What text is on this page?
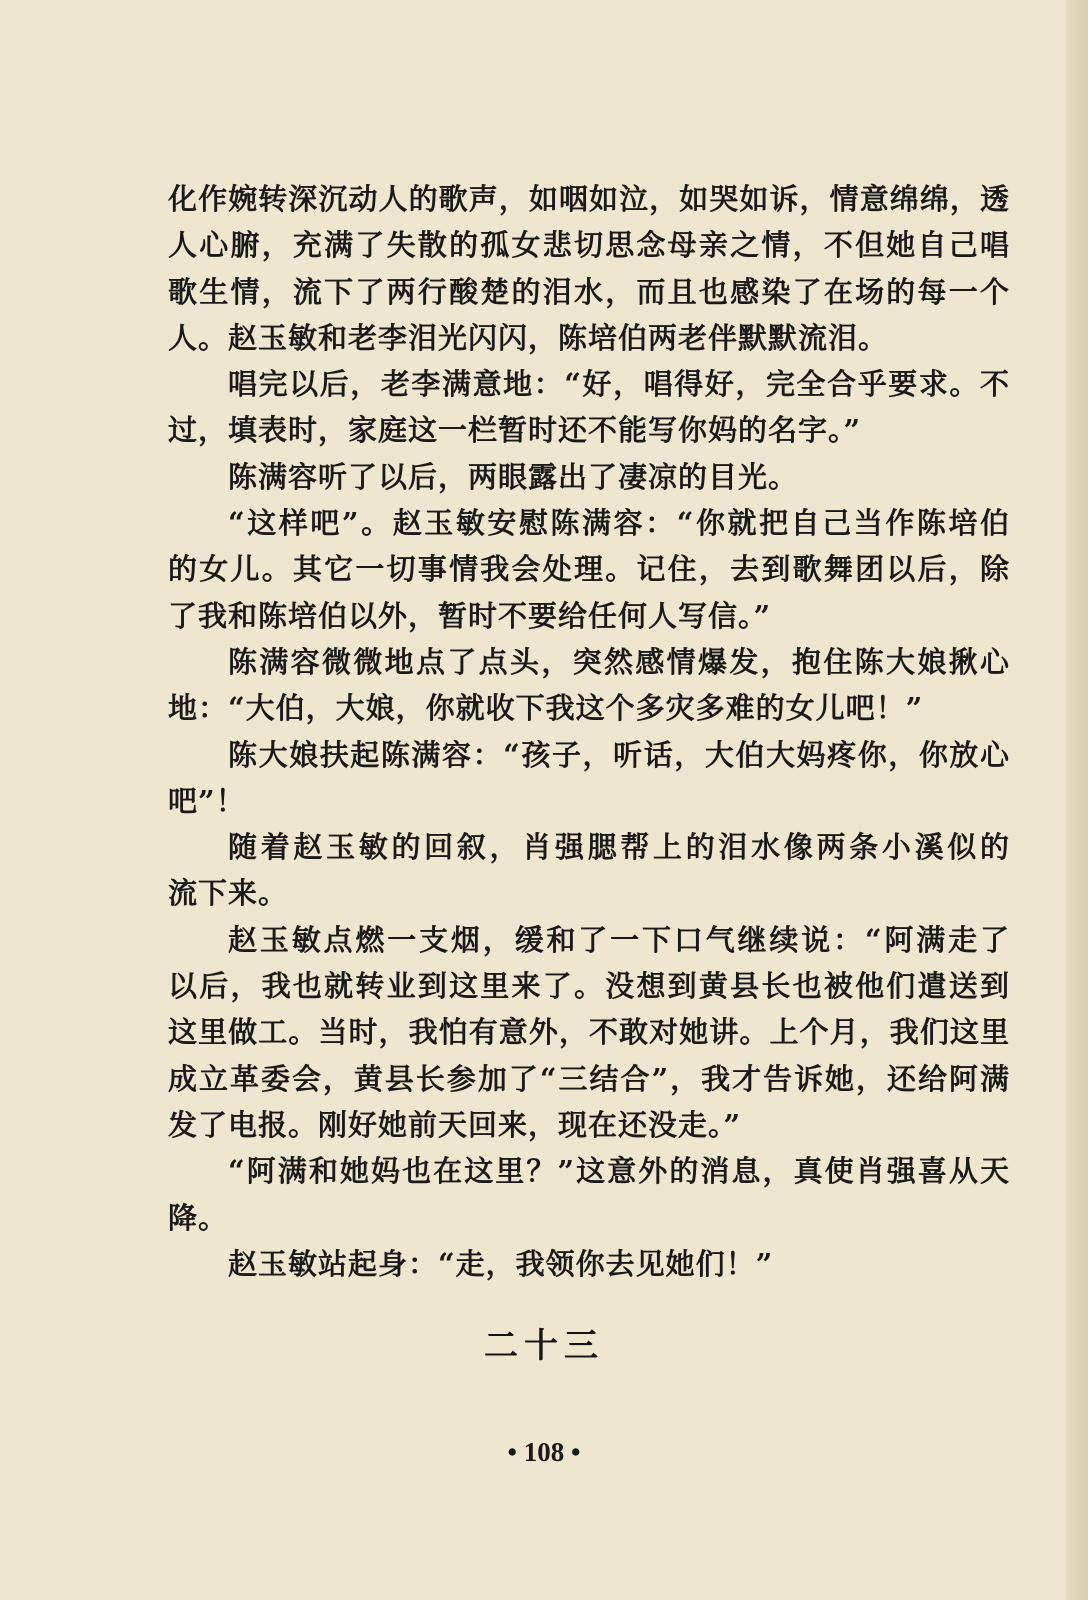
化作婉转深沉动人的歌声，如咽如泣，如哭如诉，情意绵绵，透
人心腑，充满了失散的孤女悲切思念母亲之情，不但她自己唱
歌生情，流下了两行酸楚的泪水，而且也感染了在场的每一个
人。赵玉敏和老李泪光闪闪，陈培伯两老伴默默流泪。
唱完以后，老李满意地：“好，唱得好，完全合乎要求。不
过，填表时，家庭这一栏暂时还不能写你妈的名字。”
陈满容听了以后，两眼露出了凄凉的目光。
“这样吧”。赵玉敏安慰陈满容：“你就把自己当作陈培伯
的女儿。其它一切事情我会处理。记住，去到歌舞团以后，除
了我和陈培伯以外，暂时不要给任何人写信。”
陈满容微微地点了点头，突然感情爆发，抱住陈大娘揪心
地：“大伯，大娘，你就收下我这个多灾多难的女儿吧！”
陈大娘扶起陈满容：“孩子，听话，大伯大妈疼你，你放心
吧”！
随着赵玉敏的回叙，肖强腮帮上的泪水像两条小溪似的
流下来。
赵玉敏点燃一支烟，缓和了一下口气继续说：“阿满走了
以后，我也就转业到这里来了。没想到黄县长也被他们遣送到
这里做工。当时，我怕有意外，不敢对她讲。上个月，我们这里
成立革委会，黄县长参加了“三结合”，我才告诉她，还给阿满
发了电报。刚好她前天回来，现在还没走。”
“阿满和她妈也在这里？”这意外的消息，真使肖强喜从天
降。
赵玉敏站起身：“走，我领你去见她们！”
二十三
• 108 •
